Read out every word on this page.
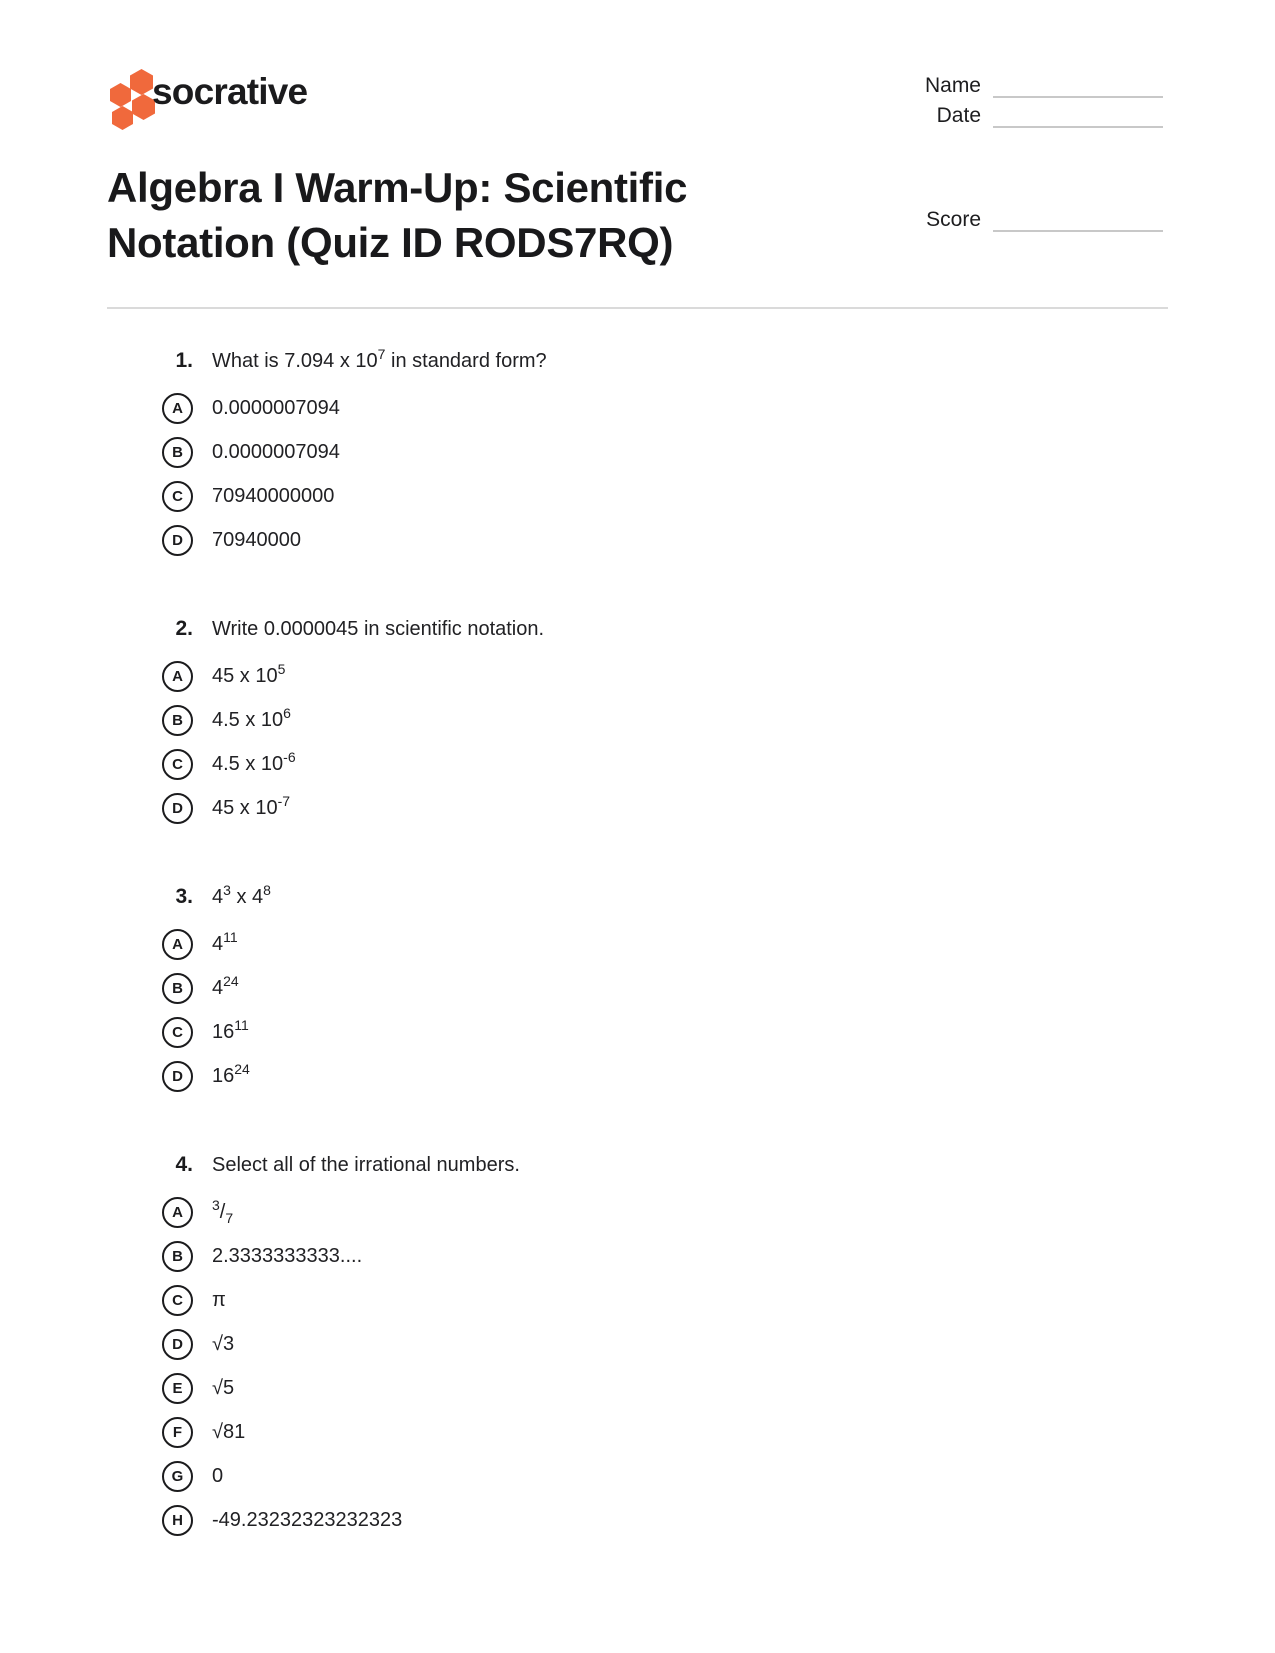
socrative	Name
Date
Score
Algebra I Warm-Up: Scientific
Notation (Quiz ID RODS7RQ)
1. What is 7.094 x $10^7$ in standard form?
A 0.0000007094
B 0.0000007094
C 70940000000
D 70940000
2. Write 0.0000045 in scientific notation.
A 45 x $10^5$
B 4.5 x $10^6$
C 4.5 x $10^{-6}$
D 45 x $10^{-7}$
3. $4^3$ x $4^8$
A $4^{11}$
B $4^{24}$
C $16^{11}$
D $16^{24}$
4. Select all of the irrational numbers.
A $^3/_7$
B 2.3333333333....
C π
D √3
E √5
F √81
G 0
H -49.23232323232323
